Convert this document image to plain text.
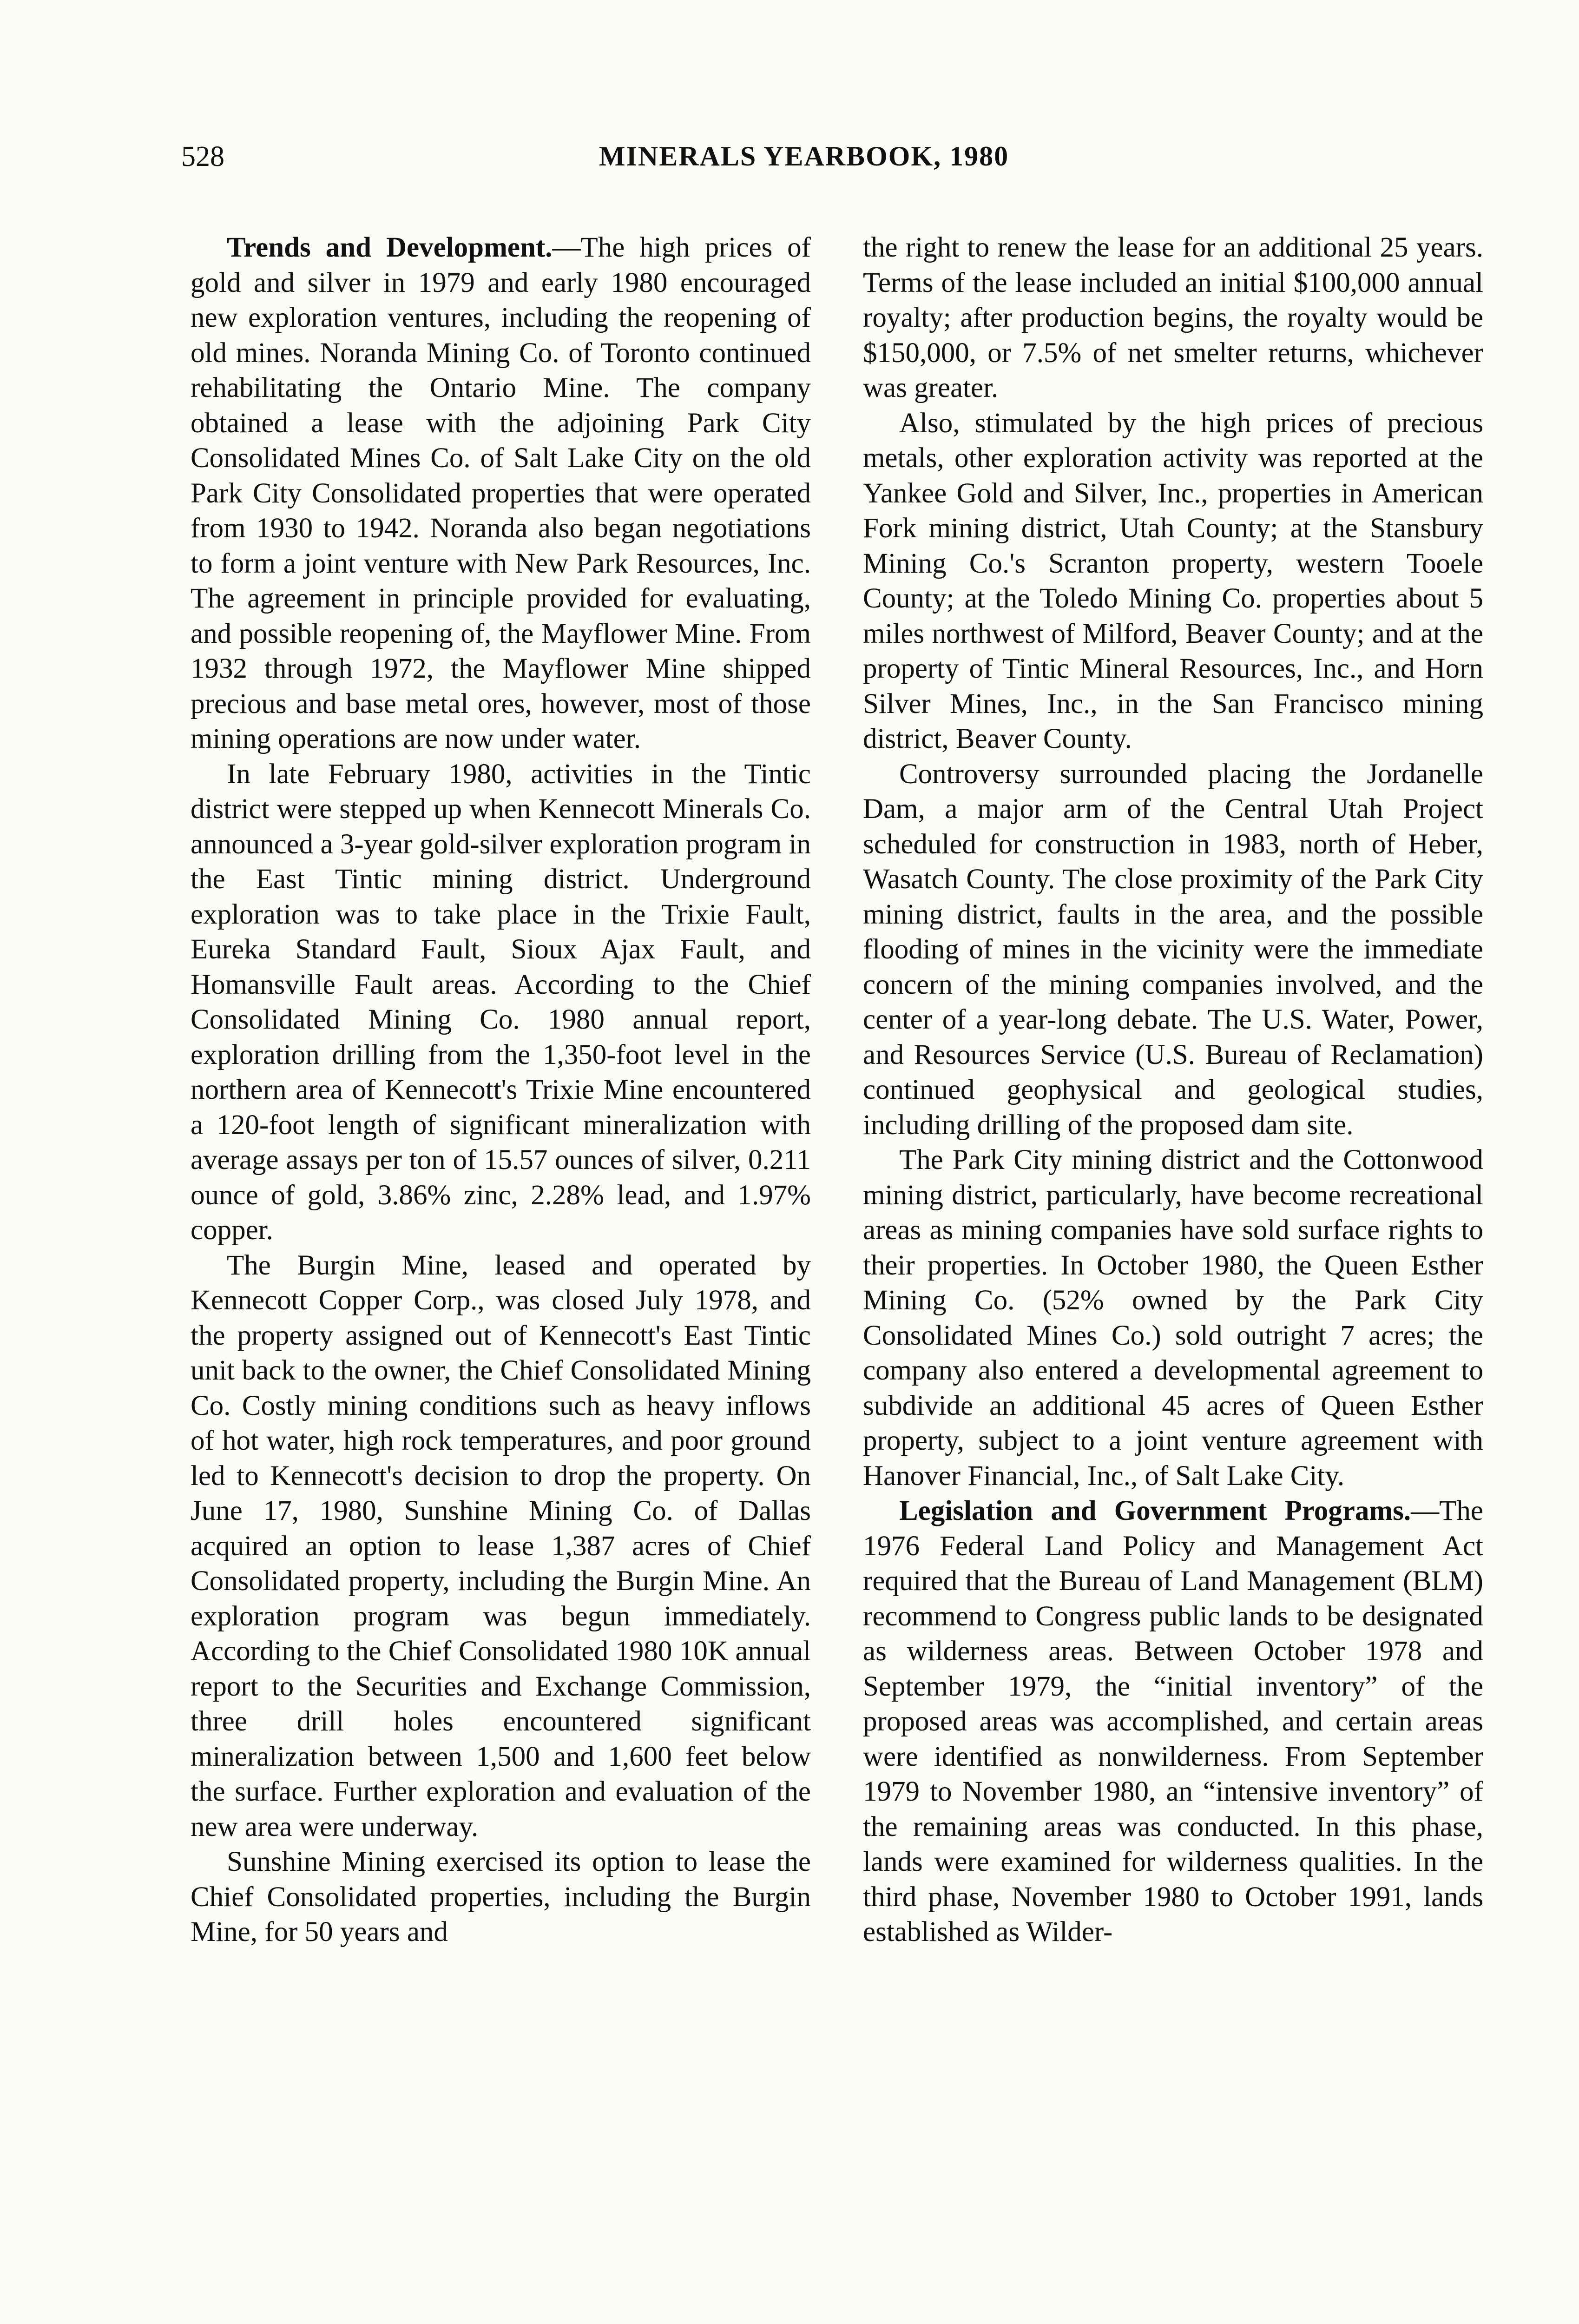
528	MINERALS YEARBOOK, 1980

Trends and Development.—The high prices of gold and silver in 1979 and early 1980 encouraged new exploration ventures, including the reopening of old mines. Noranda Mining Co. of Toronto continued rehabilitating the Ontario Mine. The company obtained a lease with the adjoining Park City Consolidated Mines Co. of Salt Lake City on the old Park City Consolidated properties that were operated from 1930 to 1942. Noranda also began negotiations to form a joint venture with New Park Resources, Inc. The agreement in principle provided for evaluating, and possible reopening of, the Mayflower Mine. From 1932 through 1972, the Mayflower Mine shipped precious and base metal ores, however, most of those mining operations are now under water.

In late February 1980, activities in the Tintic district were stepped up when Kennecott Minerals Co. announced a 3-year gold-silver exploration program in the East Tintic mining district. Underground exploration was to take place in the Trixie Fault, Eureka Standard Fault, Sioux Ajax Fault, and Homansville Fault areas. According to the Chief Consolidated Mining Co. 1980 annual report, exploration drilling from the 1,350-foot level in the northern area of Kennecott's Trixie Mine encountered a 120-foot length of significant mineralization with average assays per ton of 15.57 ounces of silver, 0.211 ounce of gold, 3.86% zinc, 2.28% lead, and 1.97% copper.

The Burgin Mine, leased and operated by Kennecott Copper Corp., was closed July 1978, and the property assigned out of Kennecott's East Tintic unit back to the owner, the Chief Consolidated Mining Co. Costly mining conditions such as heavy inflows of hot water, high rock temperatures, and poor ground led to Kennecott's decision to drop the property. On June 17, 1980, Sunshine Mining Co. of Dallas acquired an option to lease 1,387 acres of Chief Consolidated property, including the Burgin Mine. An exploration program was begun immediately. According to the Chief Consolidated 1980 10K annual report to the Securities and Exchange Commission, three drill holes encountered significant mineralization between 1,500 and 1,600 feet below the surface. Further exploration and evaluation of the new area were underway.

Sunshine Mining exercised its option to lease the Chief Consolidated properties, including the Burgin Mine, for 50 years and

the right to renew the lease for an additional 25 years. Terms of the lease included an initial $100,000 annual royalty; after production begins, the royalty would be $150,000, or 7.5% of net smelter returns, whichever was greater.

Also, stimulated by the high prices of precious metals, other exploration activity was reported at the Yankee Gold and Silver, Inc., properties in American Fork mining district, Utah County; at the Stansbury Mining Co.'s Scranton property, western Tooele County; at the Toledo Mining Co. properties about 5 miles northwest of Milford, Beaver County; and at the property of Tintic Mineral Resources, Inc., and Horn Silver Mines, Inc., in the San Francisco mining district, Beaver County.

Controversy surrounded placing the Jordanelle Dam, a major arm of the Central Utah Project scheduled for construction in 1983, north of Heber, Wasatch County. The close proximity of the Park City mining district, faults in the area, and the possible flooding of mines in the vicinity were the immediate concern of the mining companies involved, and the center of a year-long debate. The U.S. Water, Power, and Resources Service (U.S. Bureau of Reclamation) continued geophysical and geological studies, including drilling of the proposed dam site.

The Park City mining district and the Cottonwood mining district, particularly, have become recreational areas as mining companies have sold surface rights to their properties. In October 1980, the Queen Esther Mining Co. (52% owned by the Park City Consolidated Mines Co.) sold outright 7 acres; the company also entered a developmental agreement to subdivide an additional 45 acres of Queen Esther property, subject to a joint venture agreement with Hanover Financial, Inc., of Salt Lake City.

Legislation and Government Programs.—The 1976 Federal Land Policy and Management Act required that the Bureau of Land Management (BLM) recommend to Congress public lands to be designated as wilderness areas. Between October 1978 and September 1979, the “initial inventory” of the proposed areas was accomplished, and certain areas were identified as nonwilderness. From September 1979 to November 1980, an “intensive inventory” of the remaining areas was conducted. In this phase, lands were examined for wilderness qualities. In the third phase, November 1980 to October 1991, lands established as Wilder-
